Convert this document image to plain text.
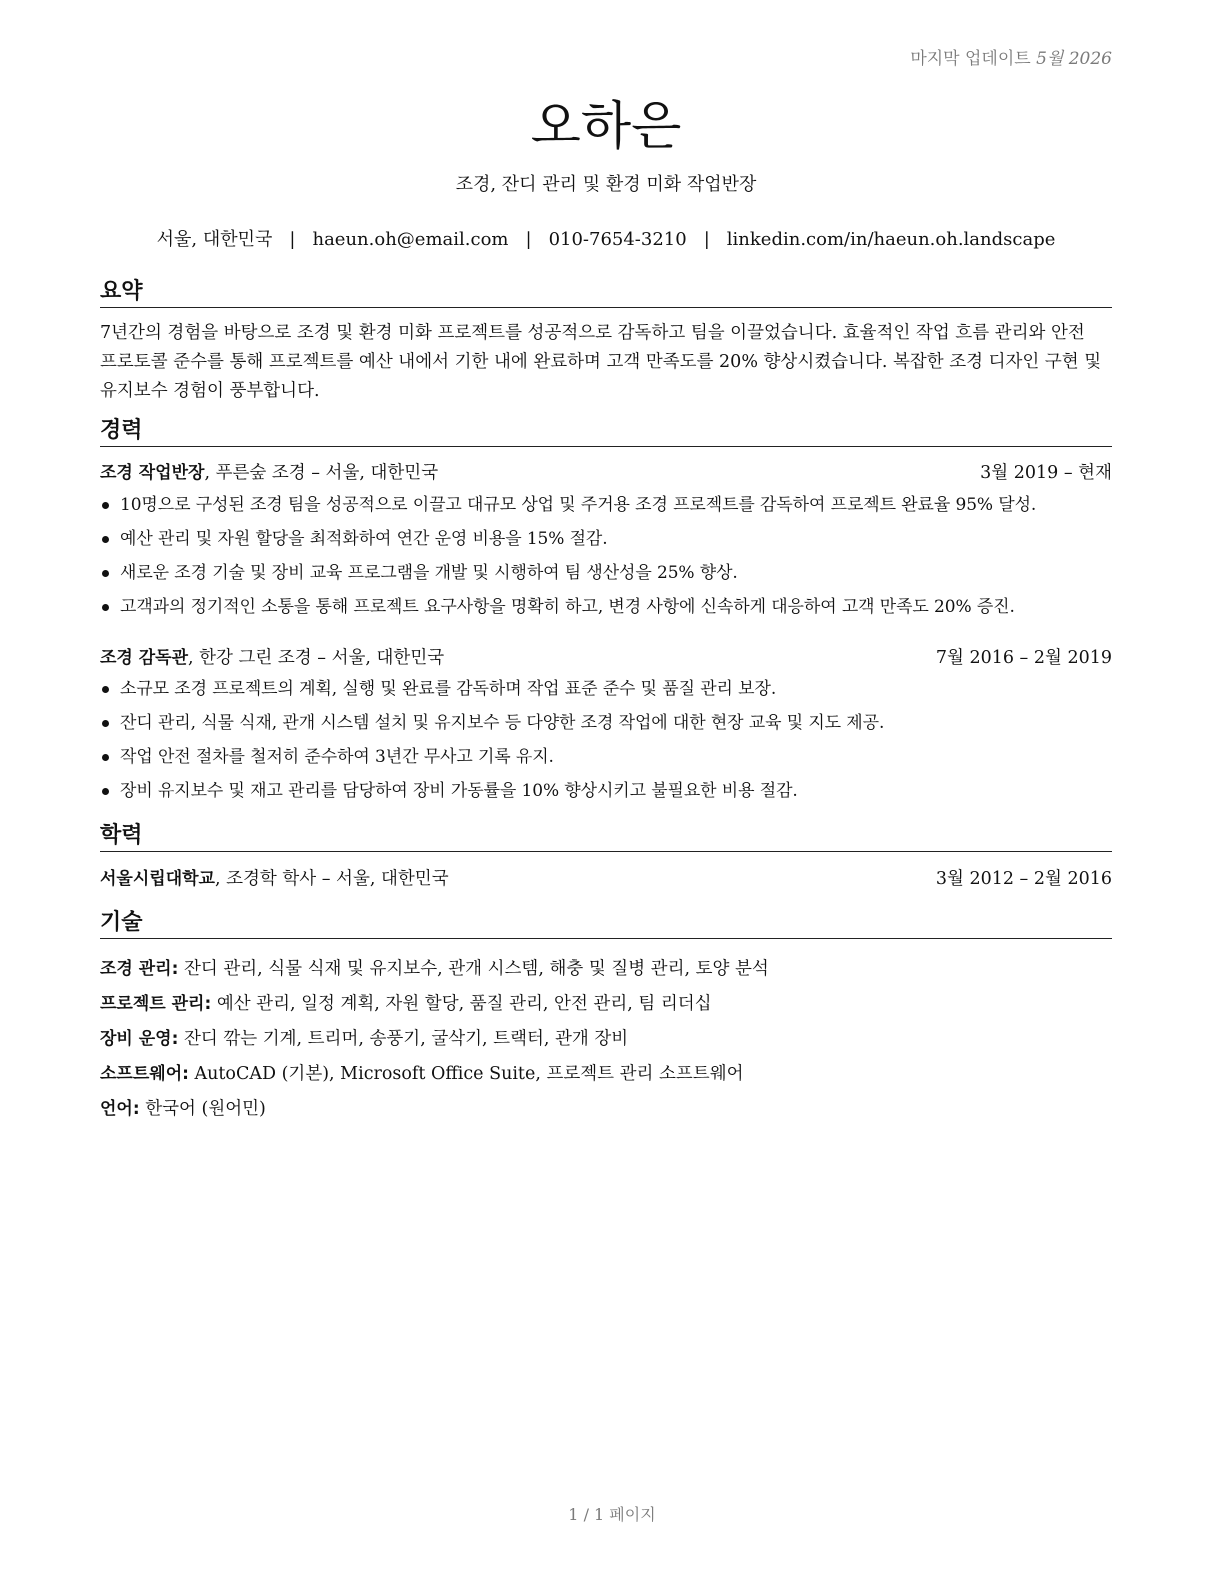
마지막 업데이트 5월 2026
오하은
조경, 잔디 관리 및 환경 미화 작업반장
서울, 대한민국 | haeun.oh@email.com | 010-7654-3210 | linkedin.com/in/haeun.oh.landscape
요약
7년간의 경험을 바탕으로 조경 및 환경 미화 프로젝트를 성공적으로 감독하고 팀을 이끌었습니다. 효율적인 작업 흐름 관리와 안전 프로토콜 준수를 통해 프로젝트를 예산 내에서 기한 내에 완료하며 고객 만족도를 20% 향상시켰습니다. 복잡한 조경 디자인 구현 및 유지보수 경험이 풍부합니다.
경력
조경 작업반장, 푸른숲 조경 – 서울, 대한민국	3월 2019 – 현재
10명으로 구성된 조경 팀을 성공적으로 이끌고 대규모 상업 및 주거용 조경 프로젝트를 감독하여 프로젝트 완료율 95% 달성.
예산 관리 및 자원 할당을 최적화하여 연간 운영 비용을 15% 절감.
새로운 조경 기술 및 장비 교육 프로그램을 개발 및 시행하여 팀 생산성을 25% 향상.
고객과의 정기적인 소통을 통해 프로젝트 요구사항을 명확히 하고, 변경 사항에 신속하게 대응하여 고객 만족도 20% 증진.
조경 감독관, 한강 그린 조경 – 서울, 대한민국	7월 2016 – 2월 2019
소규모 조경 프로젝트의 계획, 실행 및 완료를 감독하며 작업 표준 준수 및 품질 관리 보장.
잔디 관리, 식물 식재, 관개 시스템 설치 및 유지보수 등 다양한 조경 작업에 대한 현장 교육 및 지도 제공.
작업 안전 절차를 철저히 준수하여 3년간 무사고 기록 유지.
장비 유지보수 및 재고 관리를 담당하여 장비 가동률을 10% 향상시키고 불필요한 비용 절감.
학력
서울시립대학교, 조경학 학사 – 서울, 대한민국	3월 2012 – 2월 2016
기술
조경 관리: 잔디 관리, 식물 식재 및 유지보수, 관개 시스템, 해충 및 질병 관리, 토양 분석
프로젝트 관리: 예산 관리, 일정 계획, 자원 할당, 품질 관리, 안전 관리, 팀 리더십
장비 운영: 잔디 깎는 기계, 트리머, 송풍기, 굴삭기, 트랙터, 관개 장비
소프트웨어: AutoCAD (기본), Microsoft Office Suite, 프로젝트 관리 소프트웨어
언어: 한국어 (원어민)
1 / 1 페이지
